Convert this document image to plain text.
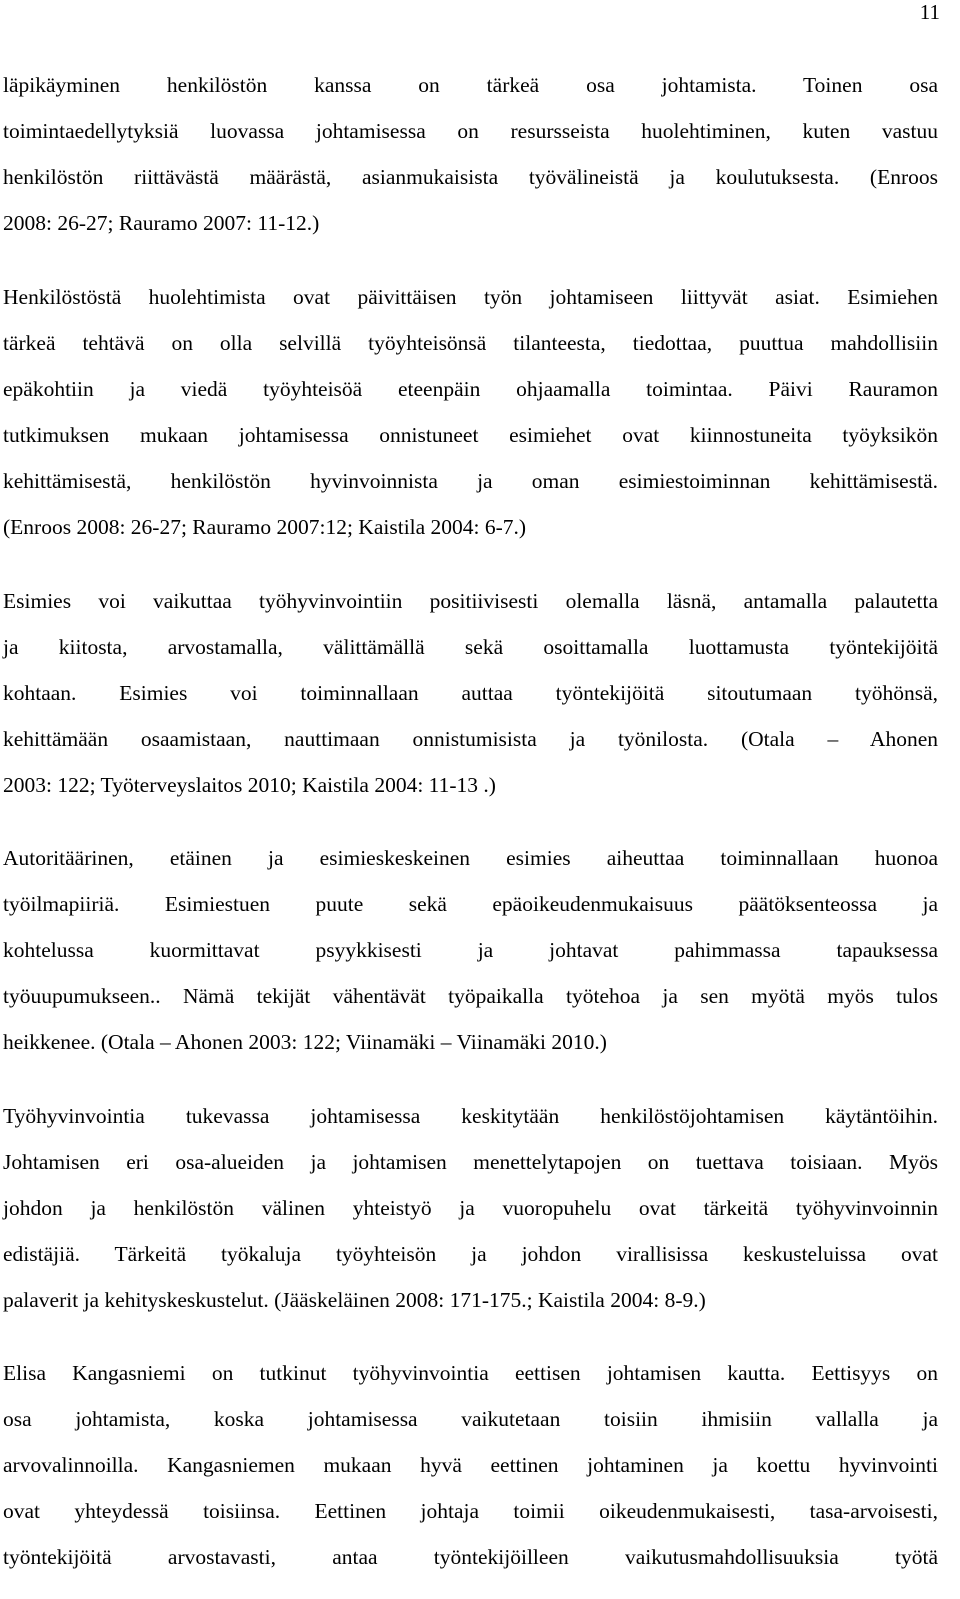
11
läpikäyminen henkilöstön kanssa on tärkeä osa johtamista. Toinen osa
toimintaedellytyksiä luovassa johtamisessa on resursseista huolehtiminen, kuten vastuu
henkilöstön riittävästä määrästä, asianmukaisista työvälineistä ja koulutuksesta. (Enroos
2008: 26-27; Rauramo 2007: 11-12.)
Henkilöstöstä huolehtimista ovat päivittäisen työn johtamiseen liittyvät asiat. Esimiehen
tärkeä tehtävä on olla selvillä työyhteisönsä tilanteesta, tiedottaa, puuttua mahdollisiin
epäkohtiin ja viedä työyhteisöä eteenpäin ohjaamalla toimintaa. Päivi Rauramon
tutkimuksen mukaan johtamisessa onnistuneet esimiehet ovat kiinnostuneita työyksikön
kehittämisestä, henkilöstön hyvinvoinnista ja oman esimiestoiminnan kehittämisestä.
(Enroos 2008: 26-27; Rauramo 2007:12; Kaistila 2004: 6-7.)
Esimies voi vaikuttaa työhyvinvointiin positiivisesti olemalla läsnä, antamalla palautetta
ja kiitosta, arvostamalla, välittämällä sekä osoittamalla luottamusta työntekijöitä
kohtaan. Esimies voi toiminnallaan auttaa työntekijöitä sitoutumaan työhönsä,
kehittämään osaamistaan, nauttimaan onnistumisista ja työnilosta. (Otala – Ahonen
2003: 122; Työterveyslaitos 2010; Kaistila 2004: 11-13 .)
Autoritäärinen, etäinen ja esimieskeskeinen esimies aiheuttaa toiminnallaan huonoa
työilmapiiriä. Esimiestuen puute sekä epäoikeudenmukaisuus päätöksenteossa ja
kohtelussa kuormittavat psyykkisesti ja johtavat pahimmassa tapauksessa
työuupumukseen.. Nämä tekijät vähentävät työpaikalla työtehoa ja sen myötä myös tulos
heikkenee. (Otala – Ahonen 2003: 122; Viinamäki – Viinamäki 2010.)
Työhyvinvointia tukevassa johtamisessa keskitytään henkilöstöjohtamisen käytäntöihin.
Johtamisen eri osa-alueiden ja johtamisen menettelytapojen on tuettava toisiaan. Myös
johdon ja henkilöstön välinen yhteistyö ja vuoropuhelu ovat tärkeitä työhyvinvoinnin
edistäjiä. Tärkeitä työkaluja työyhteisön ja johdon virallisissa keskusteluissa ovat
palaverit ja kehityskeskustelut. (Jääskeläinen 2008: 171-175.; Kaistila 2004: 8-9.)
Elisa Kangasniemi on tutkinut työhyvinvointia eettisen johtamisen kautta. Eettisyys on
osa johtamista, koska johtamisessa vaikutetaan toisiin ihmisiin vallalla ja
arvovalinnoilla. Kangasniemen mukaan hyvä eettinen johtaminen ja koettu hyvinvointi
ovat yhteydessä toisiinsa. Eettinen johtaja toimii oikeudenmukaisesti, tasa-arvoisesti,
työntekijöitä arvostavasti, antaa työntekijöilleen vaikutusmahdollisuuksia työtä
